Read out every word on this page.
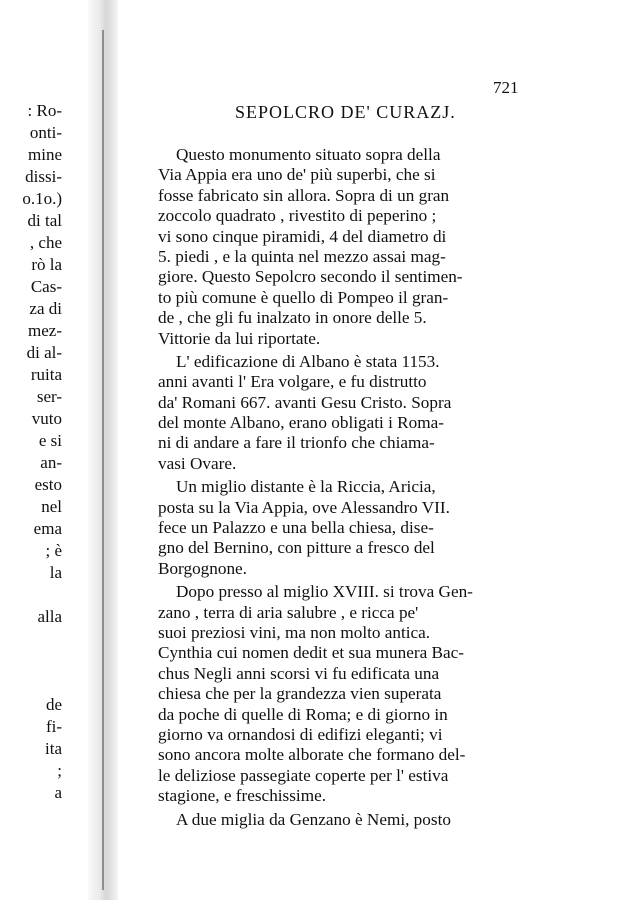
: Ro-
onti-
mine
dissi-
o.1o.)
di tal
, che
rò la
Cas-
za di
mez-
di al-
ruita
ser-
vuto
e si
an-
esto
nel
ema
; è
la
alla
de
fi-
ita
;
a
721
SEPOLCRO DE' CURAZJ.
Questo monumento situato sopra della
Via Appia era uno de' più superbi, che si
fosse fabricato sin allora. Sopra di un gran
zoccolo quadrato , rivestito di peperino ;
vi sono cinque piramidi, 4 del diametro di
5. piedi , e la quinta nel mezzo assai mag-
giore. Questo Sepolcro secondo il sentimen-
to più comune è quello di Pompeo il gran-
de , che gli fu inalzato in onore delle 5.
Vittorie da lui riportate.
L' edificazione di Albano è stata 1153.
anni avanti l' Era volgare, e fu distrutto
da' Romani 667. avanti Gesu Cristo. Sopra
del monte Albano, erano obligati i Roma-
ni di andare a fare il trionfo che chiama-
vasi Ovare.
Un miglio distante è la Riccia, Aricia,
posta su la Via Appia, ove Alessandro VII.
fece un Palazzo e una bella chiesa, dise-
gno del Bernino, con pitture a fresco del
Borgognone.
Dopo presso al miglio XVIII. si trova Gen-
zano , terra di aria salubre , e ricca pe'
suoi preziosi vini, ma non molto antica.
Cynthia cui nomen dedit et sua munera Bac-
chus Negli anni scorsi vi fu edificata una
chiesa che per la grandezza vien superata
da poche di quelle di Roma; e di giorno in
giorno va ornandosi di edifizi eleganti; vi
sono ancora molte alborate che formano del-
le deliziose passegiate coperte per l' estiva
stagione, e freschissime.
A due miglia da Genzano è Nemi, posto
